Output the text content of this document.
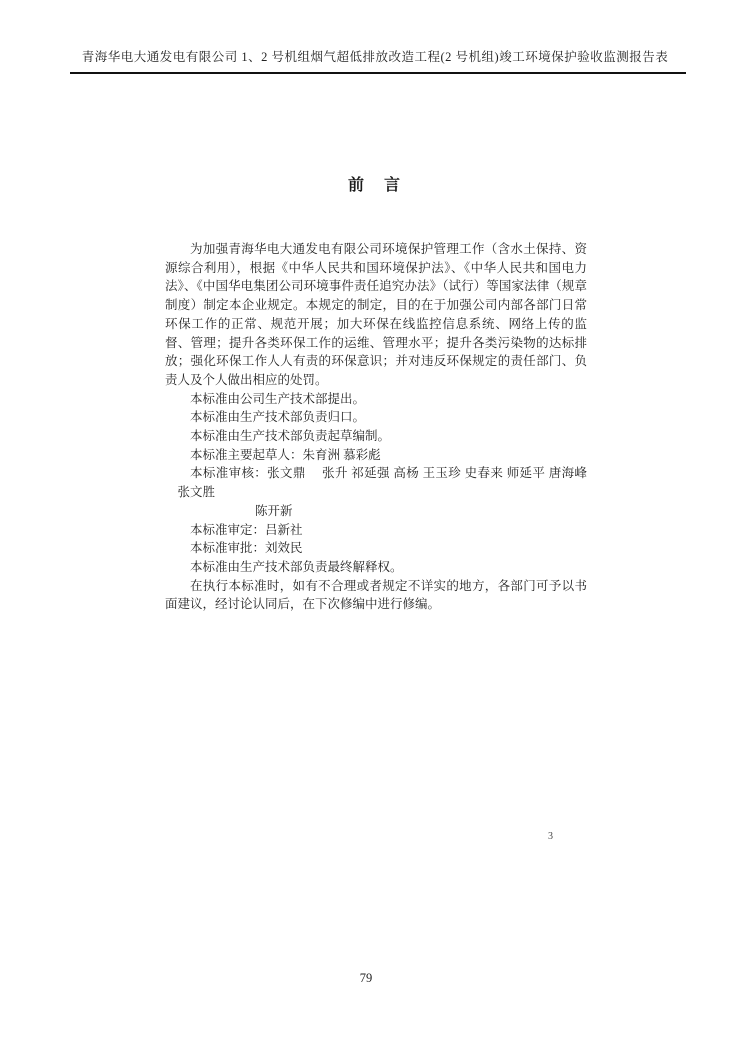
青海华电大通发电有限公司 1、2 号机组烟气超低排放改造工程(2 号机组)竣工环境保护验收监测报告表
前　言

为加强青海华电大通发电有限公司环境保护管理工作（含水土保持、资源综合利用），根据《中华人民共和国环境保护法》、《中华人民共和国电力法》、《中国华电集团公司环境事件责任追究办法》（试行）等国家法律（规章制度）制定本企业规定。本规定的制定，目的在于加强公司内部各部门日常环保工作的正常、规范开展；加大环保在线监控信息系统、网络上传的监督、管理；提升各类环保工作的运维、管理水平；提升各类污染物的达标排放；强化环保工作人人有责的环保意识；并对违反环保规定的责任部门、负责人及个人做出相应的处罚。

本标准由公司生产技术部提出。

本标准由生产技术部负责归口。

本标准由生产技术部负责起草编制。

本标准主要起草人：朱育洲 慕彩彪

本标准审核：张文鼎　 张升 祁延强 高杨 王玉珍 史春来 师延平 唐海峰 　张文胜

陈开新

本标准审定：吕新社

本标准审批：刘效民

本标准由生产技术部负责最终解释权。

在执行本标准时，如有不合理或者规定不详实的地方，各部门可予以书面建议，经讨论认同后，在下次修编中进行修编。

3
79
